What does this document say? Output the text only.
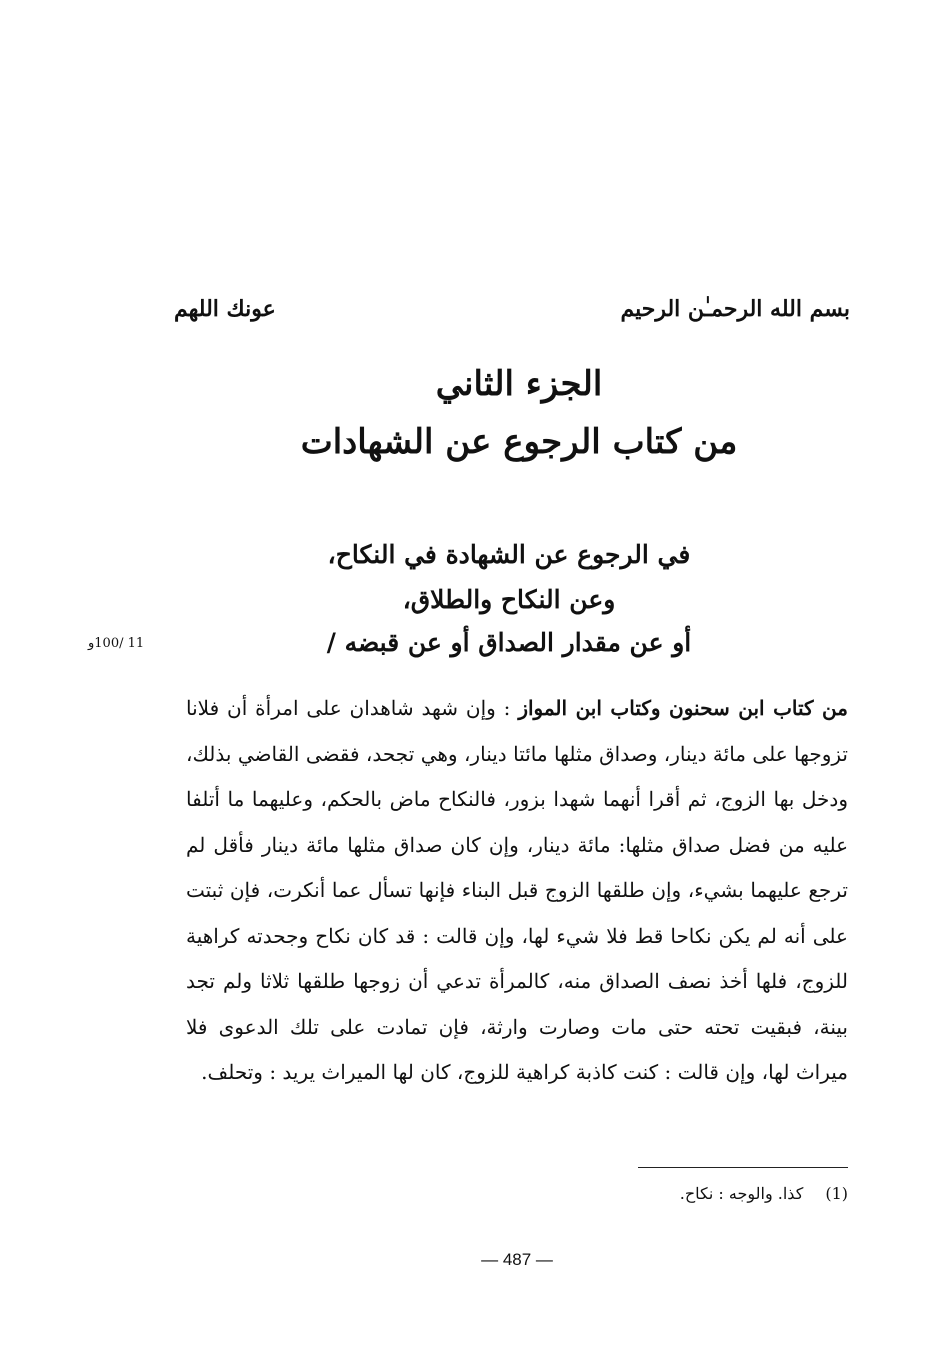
بسم الله الرحمـٰن الرحيم
عونك اللهم
الجزء الثاني
من كتاب الرجوع عن الشهادات
في الرجوع عن الشهادة في النكاح،
وعن النكاح والطلاق،
أو عن مقدار الصداق أو عن قبضه /
11 /100و
من كتاب ابن سحنون وكتاب ابن المواز : وإن شهد شاهدان على امرأة أن فلانا تزوجها على مائة دينار، وصداق مثلها مائتا دينار، وهي تجحد، فقضى القاضي بذلك، ودخل بها الزوج، ثم أقرا أنهما شهدا بزور، فالنكاح ماض بالحكم، وعليهما ما أتلفا عليه من فضل صداق مثلها: مائة دينار، وإن كان صداق مثلها مائة دينار فأقل لم ترجع عليهما بشيء، وإن طلقها الزوج قبل البناء فإنها تسأل عما أنكرت، فإن ثبتت على أنه لم يكن نكاحا قط فلا شيء لها، وإن قالت : قد كان نكاح وجحدته كراهية للزوج، فلها أخذ نصف الصداق منه، كالمرأة تدعي أن زوجها طلقها ثلاثا ولم تجد بينة، فبقيت تحته حتى مات وصارت وارثة، فإن تمادت على تلك الدعوى فلا ميراث لها، وإن قالت : كنت كاذبة كراهية للزوج، كان لها الميراث يريد : وتحلف.
(1)كذا. والوجه : نكاح.
— 487 —
